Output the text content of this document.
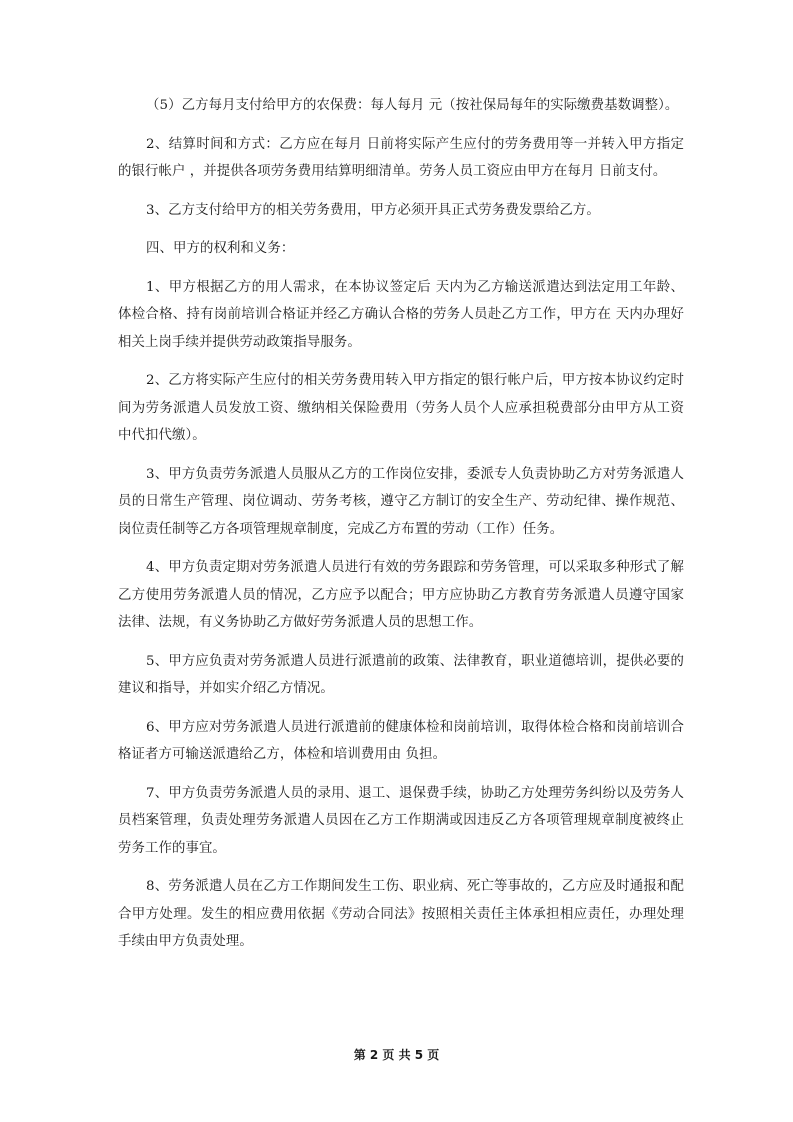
（5）乙方每月支付给甲方的农保费：每人每月 元（按社保局每年的实际缴费基数调整）。

2、结算时间和方式：乙方应在每月 日前将实际产生应付的劳务费用等一并转入甲方指定的银行帐户 ，并提供各项劳务费用结算明细清单。劳务人员工资应由甲方在每月 日前支付。

3、乙方支付给甲方的相关劳务费用，甲方必须开具正式劳务费发票给乙方。

四、甲方的权利和义务：

1、甲方根据乙方的用人需求，在本协议签定后 天内为乙方输送派遣达到法定用工年龄、体检合格、持有岗前培训合格证并经乙方确认合格的劳务人员赴乙方工作，甲方在 天内办理好相关上岗手续并提供劳动政策指导服务。

2、乙方将实际产生应付的相关劳务费用转入甲方指定的银行帐户后，甲方按本协议约定时间为劳务派遣人员发放工资、缴纳相关保险费用（劳务人员个人应承担税费部分由甲方从工资中代扣代缴）。

3、甲方负责劳务派遣人员服从乙方的工作岗位安排，委派专人负责协助乙方对劳务派遣人员的日常生产管理、岗位调动、劳务考核，遵守乙方制订的安全生产、劳动纪律、操作规范、岗位责任制等乙方各项管理规章制度，完成乙方布置的劳动（工作）任务。

4、甲方负责定期对劳务派遣人员进行有效的劳务跟踪和劳务管理，可以采取多种形式了解乙方使用劳务派遣人员的情况，乙方应予以配合；甲方应协助乙方教育劳务派遣人员遵守国家法律、法规，有义务协助乙方做好劳务派遣人员的思想工作。

5、甲方应负责对劳务派遣人员进行派遣前的政策、法律教育，职业道德培训，提供必要的建议和指导，并如实介绍乙方情况。

6、甲方应对劳务派遣人员进行派遣前的健康体检和岗前培训，取得体检合格和岗前培训合格证者方可输送派遣给乙方，体检和培训费用由 负担。

7、甲方负责劳务派遣人员的录用、退工、退保费手续，协助乙方处理劳务纠纷以及劳务人员档案管理，负责处理劳务派遣人员因在乙方工作期满或因违反乙方各项管理规章制度被终止劳务工作的事宜。

8、劳务派遣人员在乙方工作期间发生工伤、职业病、死亡等事故的，乙方应及时通报和配合甲方处理。发生的相应费用依据《劳动合同法》按照相关责任主体承担相应责任，办理处理手续由甲方负责处理。

第 2 页 共 5 页
